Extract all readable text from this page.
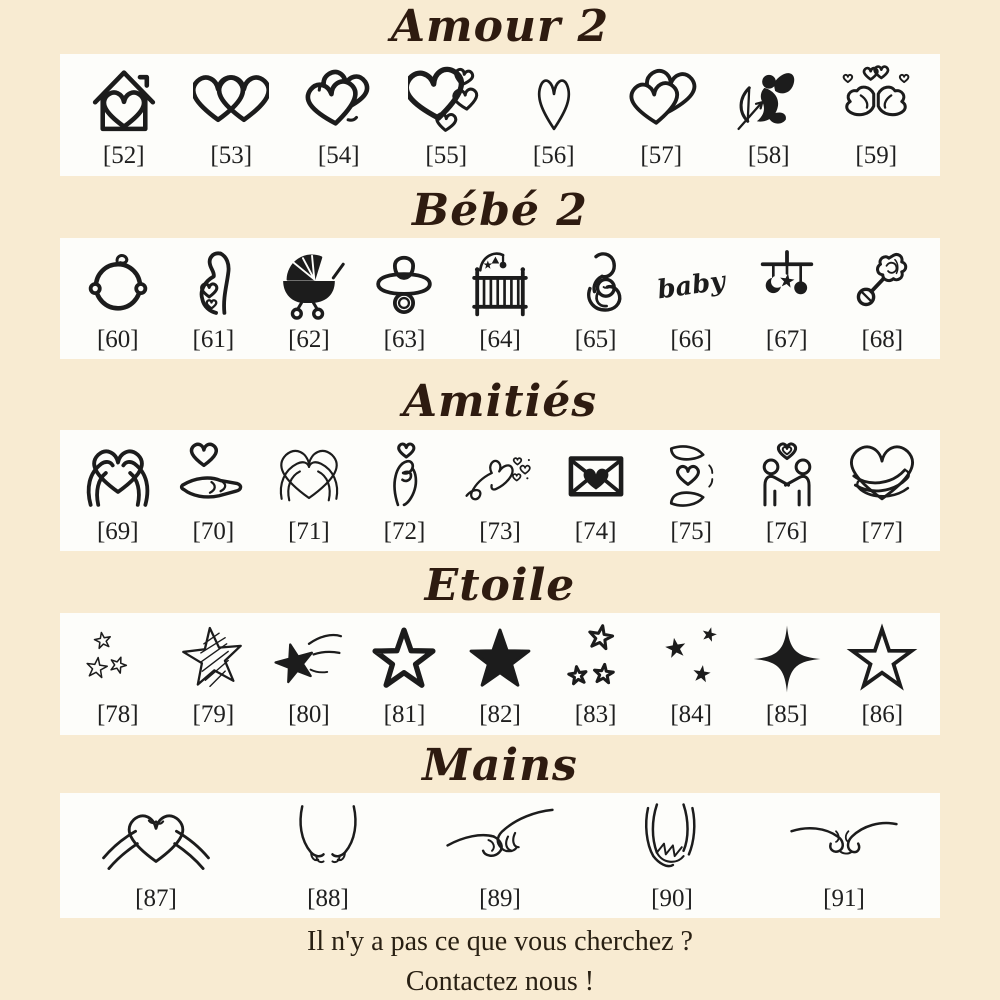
Amour 2
[52]	[53]	[54]	[55]	[56]	[57]	[58]	[59]
Bébé 2
[60] [61] [62] [63] [64] [65]
baby
[66] [67] [68]
Amitiés
[69] [70] [71] [72] [73] [74] [75] [76] [77]
Etoile
[78] [79] [80] [81] [82] [83] [84] [85] [86]
Mains
[87]	[88]	[89]	[90]	[91]

Il n'y a pas ce que vous cherchez ?

Contactez nous !
